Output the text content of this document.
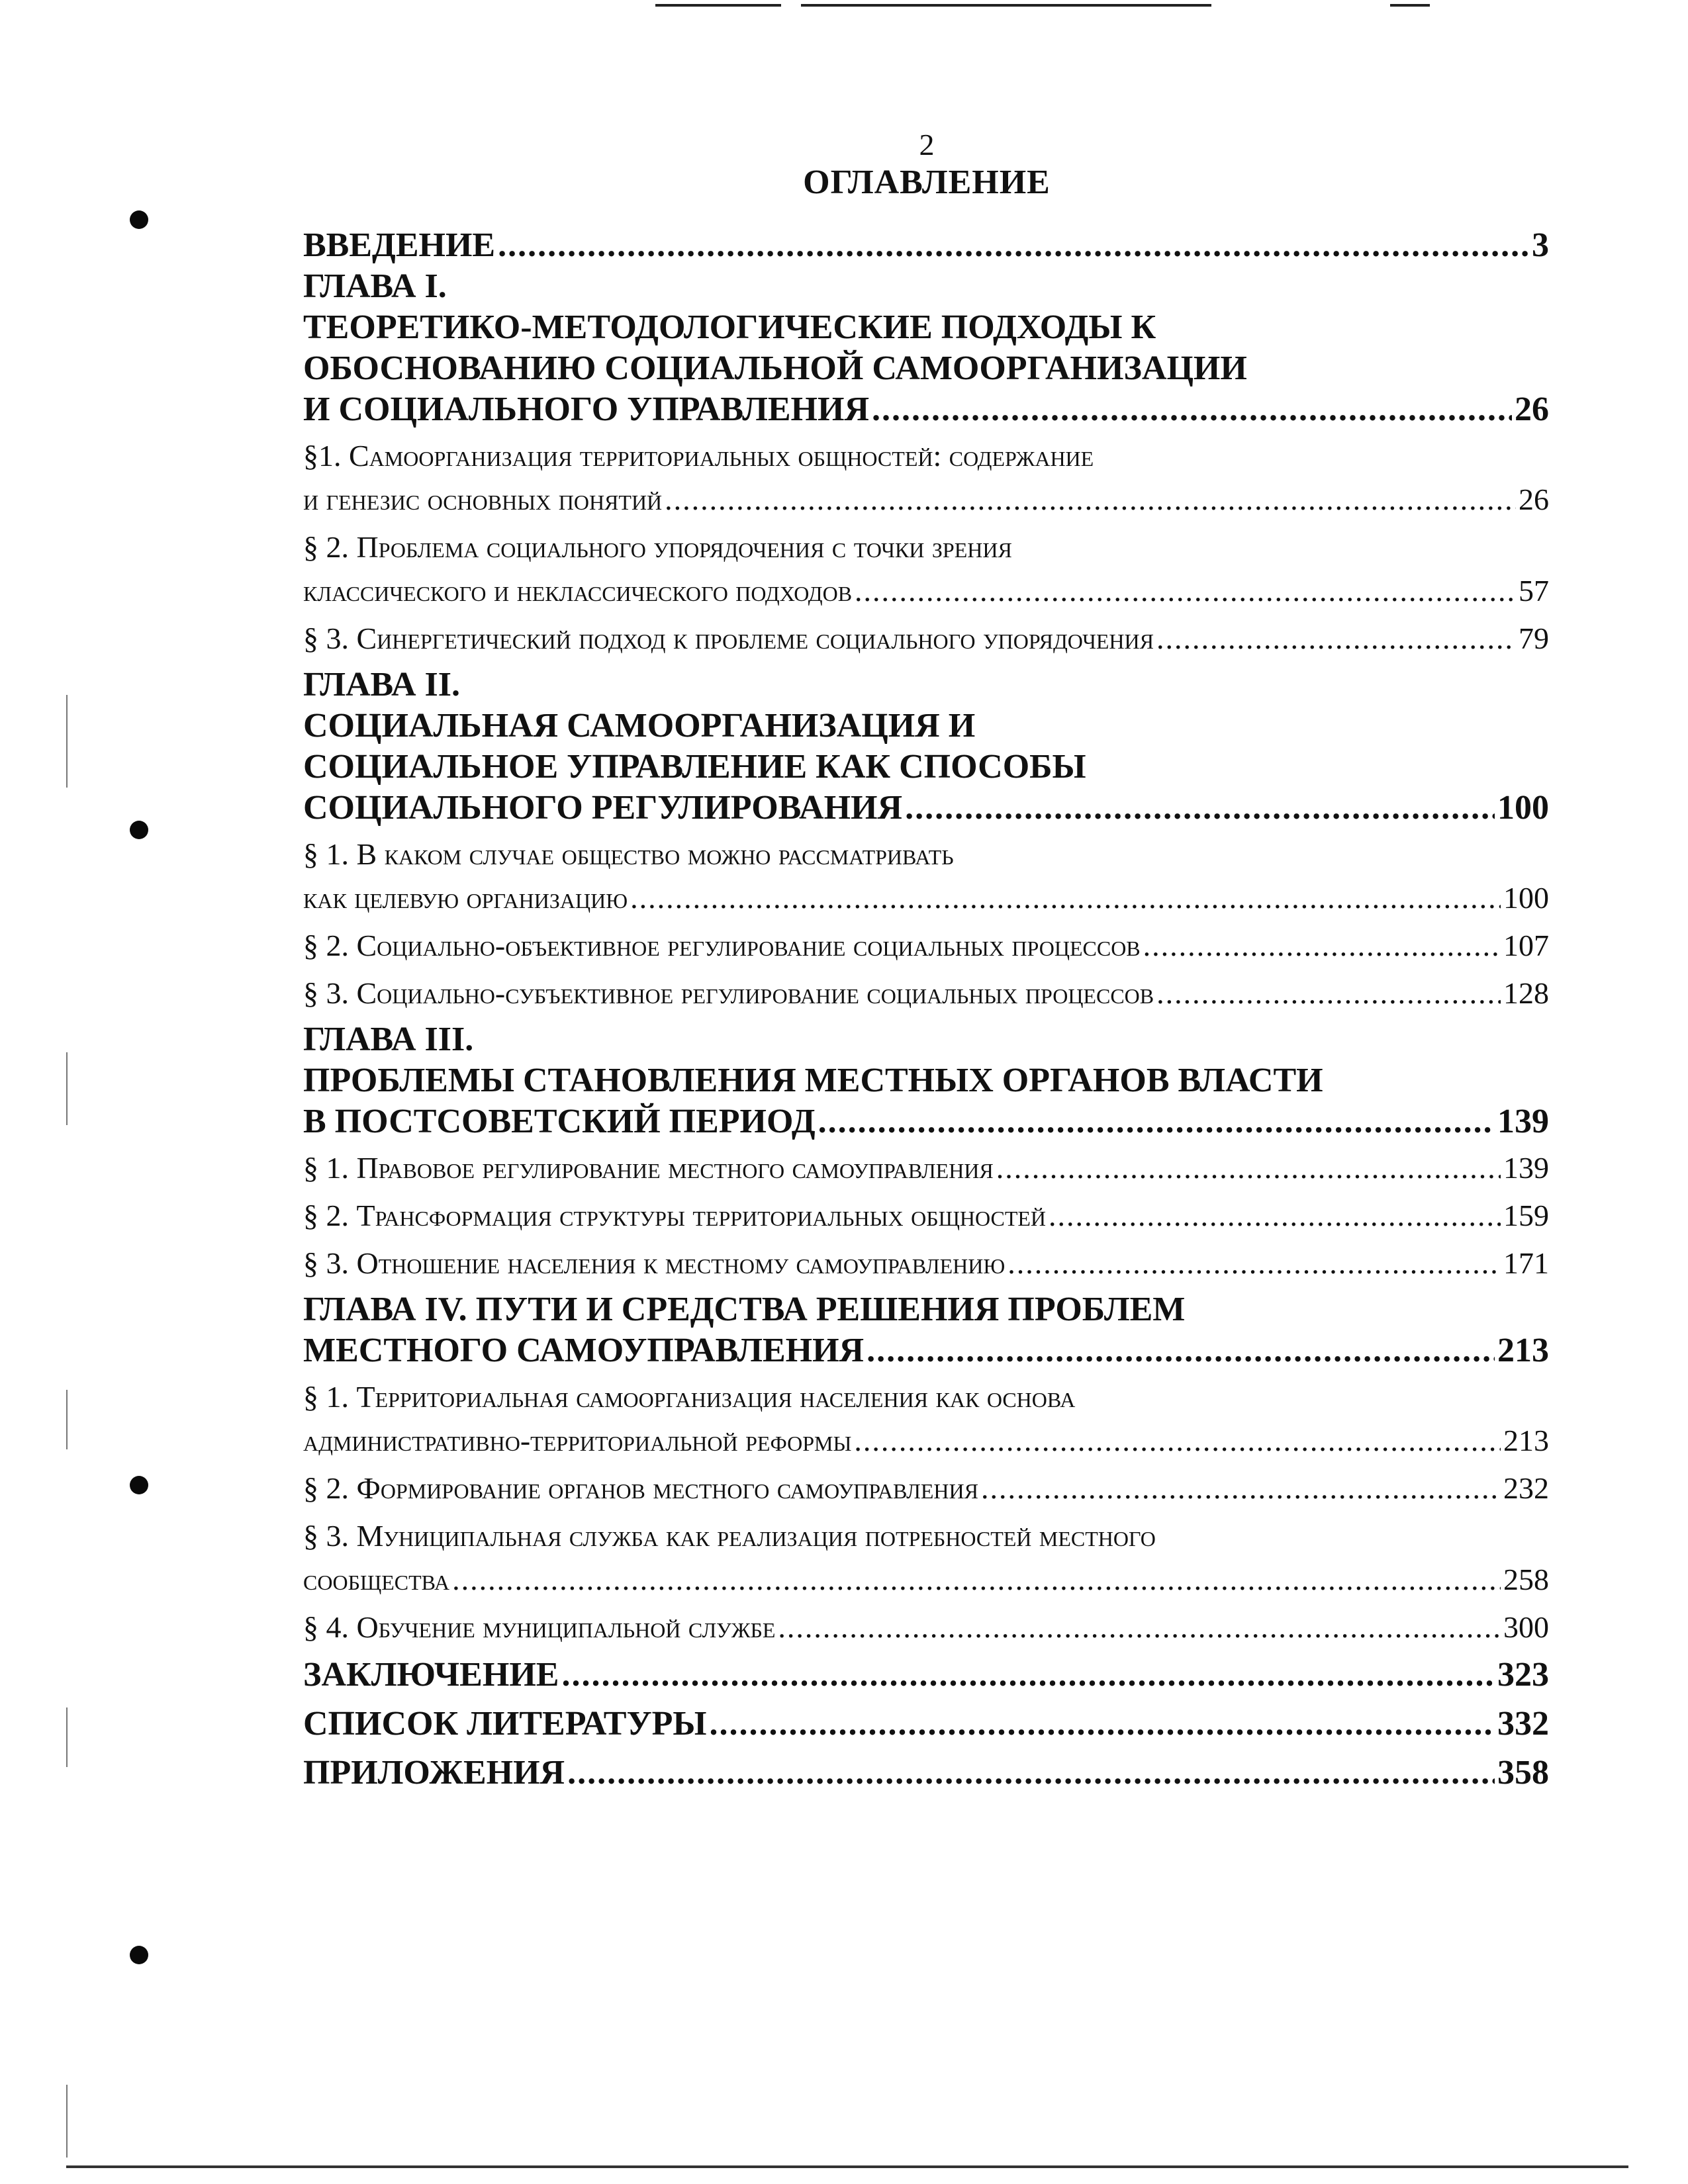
2
ОГЛАВЛЕНИЕ
ВВЕДЕНИЕ .....	3
ГЛАВА I.
ТЕОРЕТИКО-МЕТОДОЛОГИЧЕСКИЕ ПОДХОДЫ К
ОБОСНОВАНИЮ СОЦИАЛЬНОЙ САМООРГАНИЗАЦИИ
И СОЦИАЛЬНОГО УПРАВЛЕНИЯ .....	26
§1. Самоорганизация территориальных общностей: содержание
и генезис основных понятий .....	26
§ 2. Проблема социального упорядочения с точки зрения
классического и неклассического подходов .....	57
§ 3. Синергетический подход к проблеме социального упорядочения .....	79
ГЛАВА II.
СОЦИАЛЬНАЯ САМООРГАНИЗАЦИЯ И
СОЦИАЛЬНОЕ УПРАВЛЕНИЕ КАК СПОСОБЫ
СОЦИАЛЬНОГО РЕГУЛИРОВАНИЯ .....	100
§ 1. В каком случае общество можно рассматривать
как целевую организацию .....	100
§ 2. Социально-объективное регулирование социальных процессов .....	107
§ 3. Социально-субъективное регулирование социальных процессов .....	128
ГЛАВА III.
ПРОБЛЕМЫ СТАНОВЛЕНИЯ МЕСТНЫХ ОРГАНОВ ВЛАСТИ
В ПОСТСОВЕТСКИЙ ПЕРИОД .....	139
§ 1. Правовое регулирование местного самоуправления .....	139
§ 2. Трансформация структуры территориальных общностей .....	159
§ 3. Отношение населения к местному самоуправлению .....	171
ГЛАВА IV. ПУТИ И СРЕДСТВА РЕШЕНИЯ ПРОБЛЕМ
МЕСТНОГО САМОУПРАВЛЕНИЯ .....	213
§ 1. Территориальная самоорганизация населения как основа
административно-территориальной реформы .....	213
§ 2. Формирование органов местного самоуправления .....	232
§ 3. Муниципальная служба как реализация потребностей местного
сообщества .....	258
§ 4. Обучение муниципальной службе .....	300
ЗАКЛЮЧЕНИЕ .....	323
СПИСОК ЛИТЕРАТУРЫ .....	332
ПРИЛОЖЕНИЯ .....	358
